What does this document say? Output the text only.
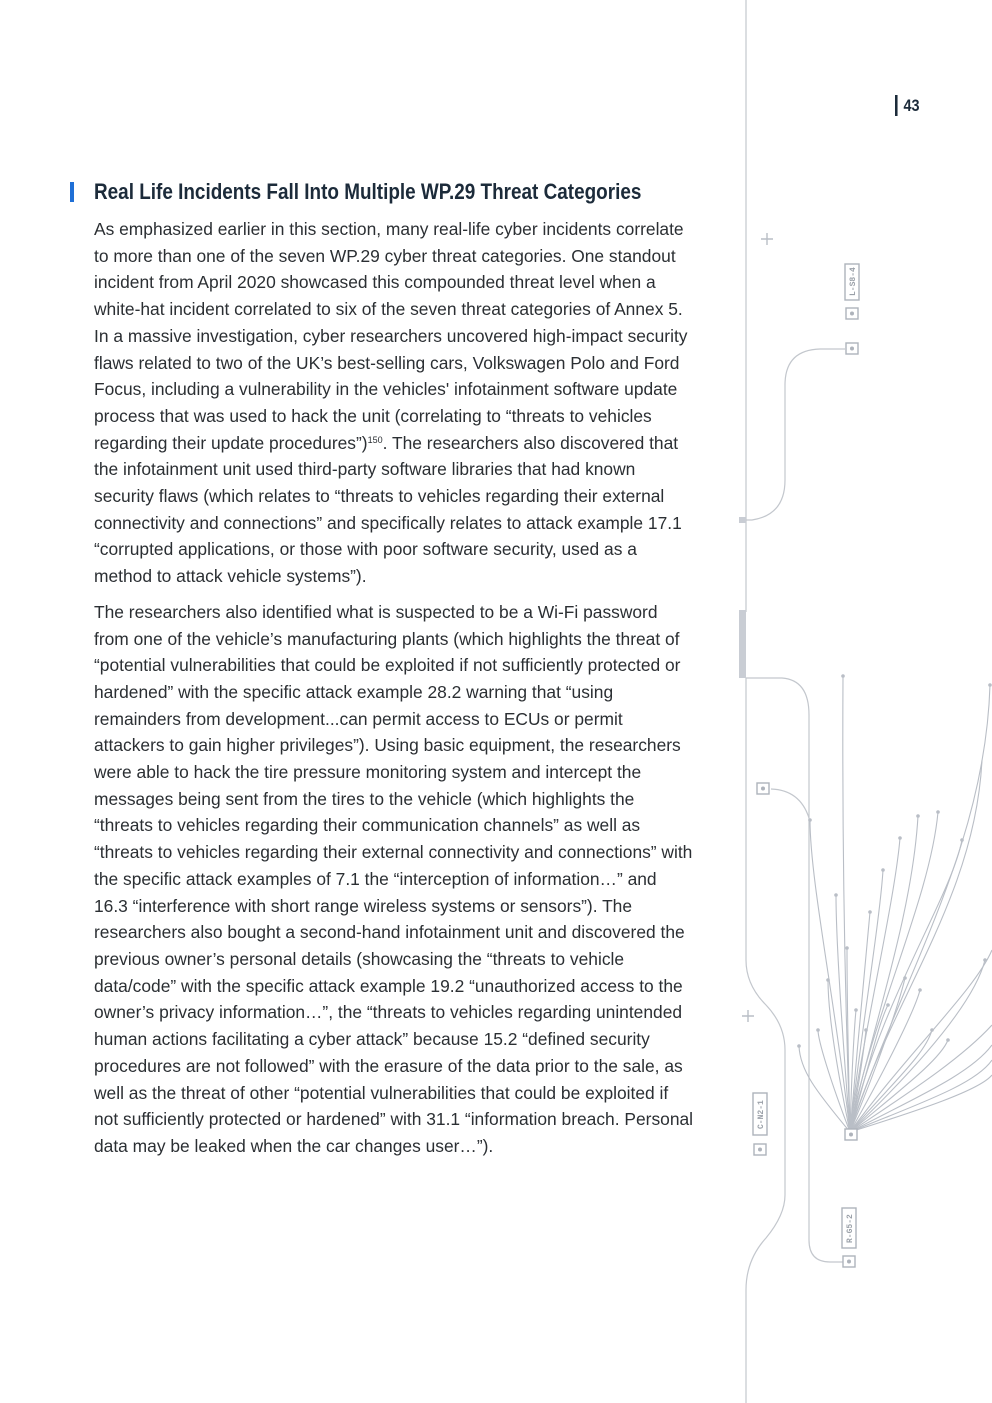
L-S8-4
C-N2-1
R-G5-2
43
Real Life Incidents Fall Into Multiple WP.29 Threat Categories

As emphasized earlier in this section, many real-life cyber incidents correlate to more than one of the seven WP.29 cyber threat categories. One standout incident from April 2020 showcased this compounded threat level when a white-hat incident correlated to six of the seven threat categories of Annex 5. In a massive investigation, cyber researchers uncovered high-impact security flaws related to two of the UK’s best-selling cars, Volkswagen Polo and Ford Focus, including a vulnerability in the vehicles' infotainment software update process that was used to hack the unit (correlating to “threats to vehicles regarding their update procedures”)$^{150}$. The researchers also discovered that the infotainment unit used third-party software libraries that had known security flaws (which relates to “threats to vehicles regarding their external connectivity and connections” and specifically relates to attack example 17.1 “corrupted applications, or those with poor software security, used as a method to attack vehicle systems”).

The researchers also identified what is suspected to be a Wi-Fi password from one of the vehicle’s manufacturing plants (which highlights the threat of “potential vulnerabilities that could be exploited if not sufficiently protected or hardened” with the specific attack example 28.2 warning that “using remainders from development...can permit access to ECUs or permit attackers to gain higher privileges”). Using basic equipment, the researchers were able to hack the tire pressure monitoring system and intercept the messages being sent from the tires to the vehicle (which highlights the “threats to vehicles regarding their communication channels” as well as “threats to vehicles regarding their external connectivity and connections” with the specific attack examples of 7.1 the “interception of information…” and 16.3 “interference with short range wireless systems or sensors”). The researchers also bought a second-hand infotainment unit and discovered the previous owner’s personal details (showcasing the “threats to vehicle data/code” with the specific attack example 19.2 “unauthorized access to the owner’s privacy information…”, the “threats to vehicles regarding unintended human actions facilitating a cyber attack” because 15.2 “defined security procedures are not followed” with the erasure of the data prior to the sale, as well as the threat of other “potential vulnerabilities that could be exploited if not sufficiently protected or hardened” with 31.1 “information breach. Personal data may be leaked when the car changes user…”).
